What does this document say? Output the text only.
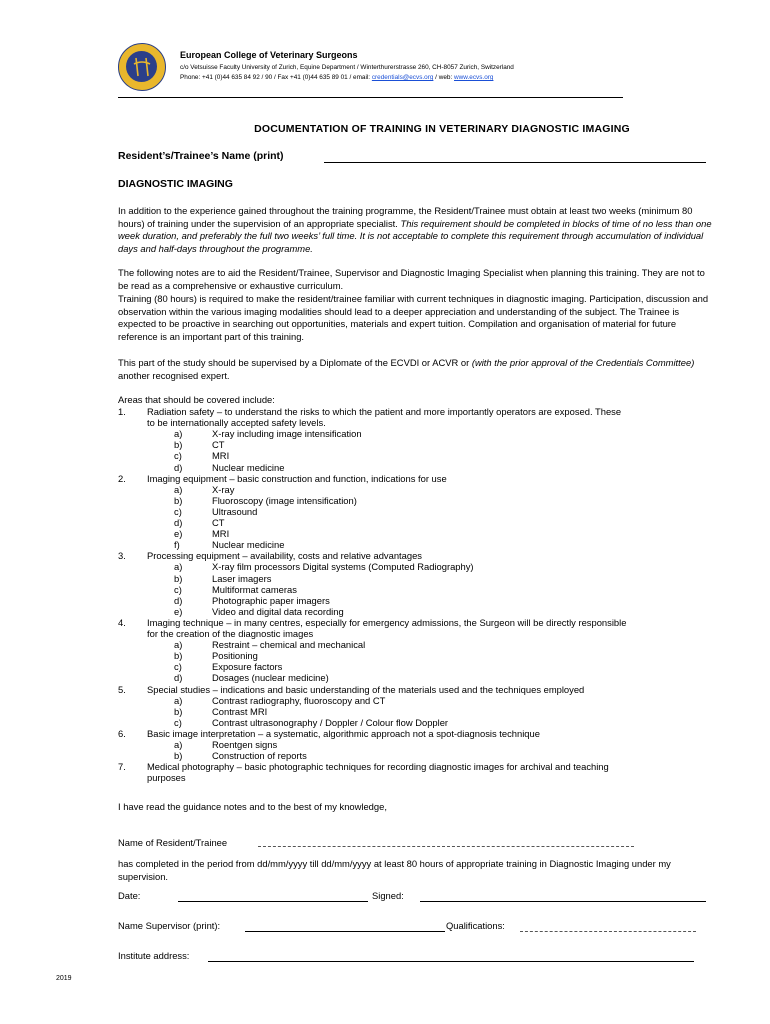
European College of Veterinary Surgeons
c/o Vetsuisse Faculty University of Zurich, Equine Department / Winterthurerstrasse 260, CH-8057 Zurich, Switzerland
Phone: +41 (0)44 635 84 92 / 90 / Fax +41 (0)44 635 89 01 / email: credentials@ecvs.org / web: www.ecvs.org
DOCUMENTATION OF TRAINING IN VETERINARY DIAGNOSTIC IMAGING
Resident’s/Trainee’s Name (print)
DIAGNOSTIC IMAGING
In addition to the experience gained throughout the training programme, the Resident/Trainee must obtain at least two weeks (minimum 80 hours) of training under the supervision of an appropriate specialist. This requirement should be completed in blocks of time of no less than one week duration, and preferably the full two weeks’ full time. It is not acceptable to complete this requirement through accumulation of individual days and half-days throughout the programme.
The following notes are to aid the Resident/Trainee, Supervisor and Diagnostic Imaging Specialist when planning this training. They are not to be read as a comprehensive or exhaustive curriculum.
Training (80 hours) is required to make the resident/trainee familiar with current techniques in diagnostic imaging. Participation, discussion and observation within the various imaging modalities should lead to a deeper appreciation and understanding of the subject. The Trainee is expected to be proactive in searching out opportunities, materials and expert tuition. Compilation and organisation of material for future reference is an important part of this training.
This part of the study should be supervised by a Diplomate of the ECVDI or ACVR or (with the prior approval of the Credentials Committee) another recognised expert.
Areas that should be covered include:
1. Radiation safety – to understand the risks to which the patient and more importantly operators are exposed. These
to be internationally accepted safety levels.
a)	X-ray including image intensification
b)	CT
c)	MRI
d)	Nuclear medicine
2. Imaging equipment – basic construction and function, indications for use
a)	X-ray
b)	Fluoroscopy (image intensification)
c)	Ultrasound
d)	CT
e)	MRI
f)	Nuclear medicine
3. Processing equipment – availability, costs and relative advantages
a)	X-ray film processors Digital systems (Computed Radiography)
b)	Laser imagers
c)	Multiformat cameras
d)	Photographic paper imagers
e)	Video and digital data recording
4. Imaging technique – in many centres, especially for emergency admissions, the Surgeon will be directly responsible
for the creation of the diagnostic images
a)	Restraint – chemical and mechanical
b)	Positioning
c)	Exposure factors
d)	Dosages (nuclear medicine)
5. Special studies – indications and basic understanding of the materials used and the techniques employed
a)	Contrast radiography, fluoroscopy and CT
b)	Contrast MRI
c)	Contrast ultrasonography / Doppler / Colour flow Doppler
6. Basic image interpretation – a systematic, algorithmic approach not a spot-diagnosis technique
a)	Roentgen signs
b)	Construction of reports
7. Medical photography – basic photographic techniques for recording diagnostic images for archival and teaching
purposes
I have read the guidance notes and to the best of my knowledge,
Name of Resident/Trainee
has completed in the period from dd/mm/yyyy till dd/mm/yyyy at least 80 hours of appropriate training in Diagnostic Imaging under my supervision.
Date:	Signed:
Name Supervisor (print):	Qualifications:
Institute address:
2019
